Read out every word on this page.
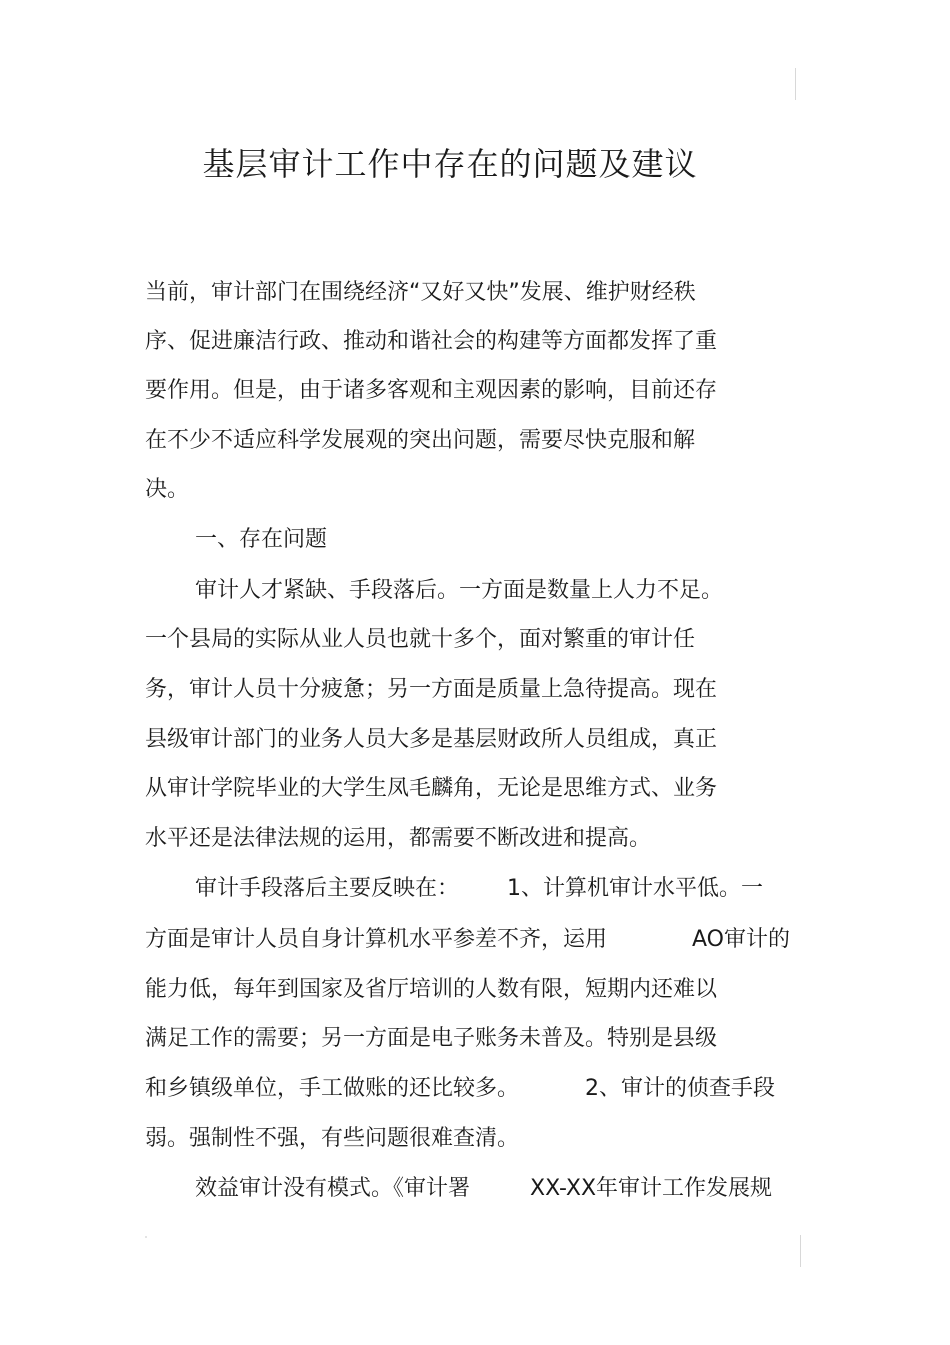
基层审计工作中存在的问题及建议
当前，审计部门在围绕经济“又好又快”发展、维护财经秩
序、促进廉洁行政、推动和谐社会的构建等方面都发挥了重
要作用。但是，由于诸多客观和主观因素的影响，目前还存
在不少不适应科学发展观的突出问题，需要尽快克服和解
决。
一、存在问题
审计人才紧缺、手段落后。一方面是数量上人力不足。
一个县局的实际从业人员也就十多个，面对繁重的审计任
务，审计人员十分疲惫；另一方面是质量上急待提高。现在
县级审计部门的业务人员大多是基层财政所人员组成，真正
从审计学院毕业的大学生凤毛麟角，无论是思维方式、业务
水平还是法律法规的运用，都需要不断改进和提高。
审计手段落后主要反映在： 1、计算机审计水平低。一
方面是审计人员自身计算机水平参差不齐，运用	AO审计的
能力低，每年到国家及省厅培训的人数有限，短期内还难以
满足工作的需要；另一方面是电子账务未普及。特别是县级
和乡镇级单位，手工做账的还比较多。	2、审计的侦查手段
弱。强制性不强，有些问题很难查清。
效益审计没有模式。《审计署	XX-XX年审计工作发展规
